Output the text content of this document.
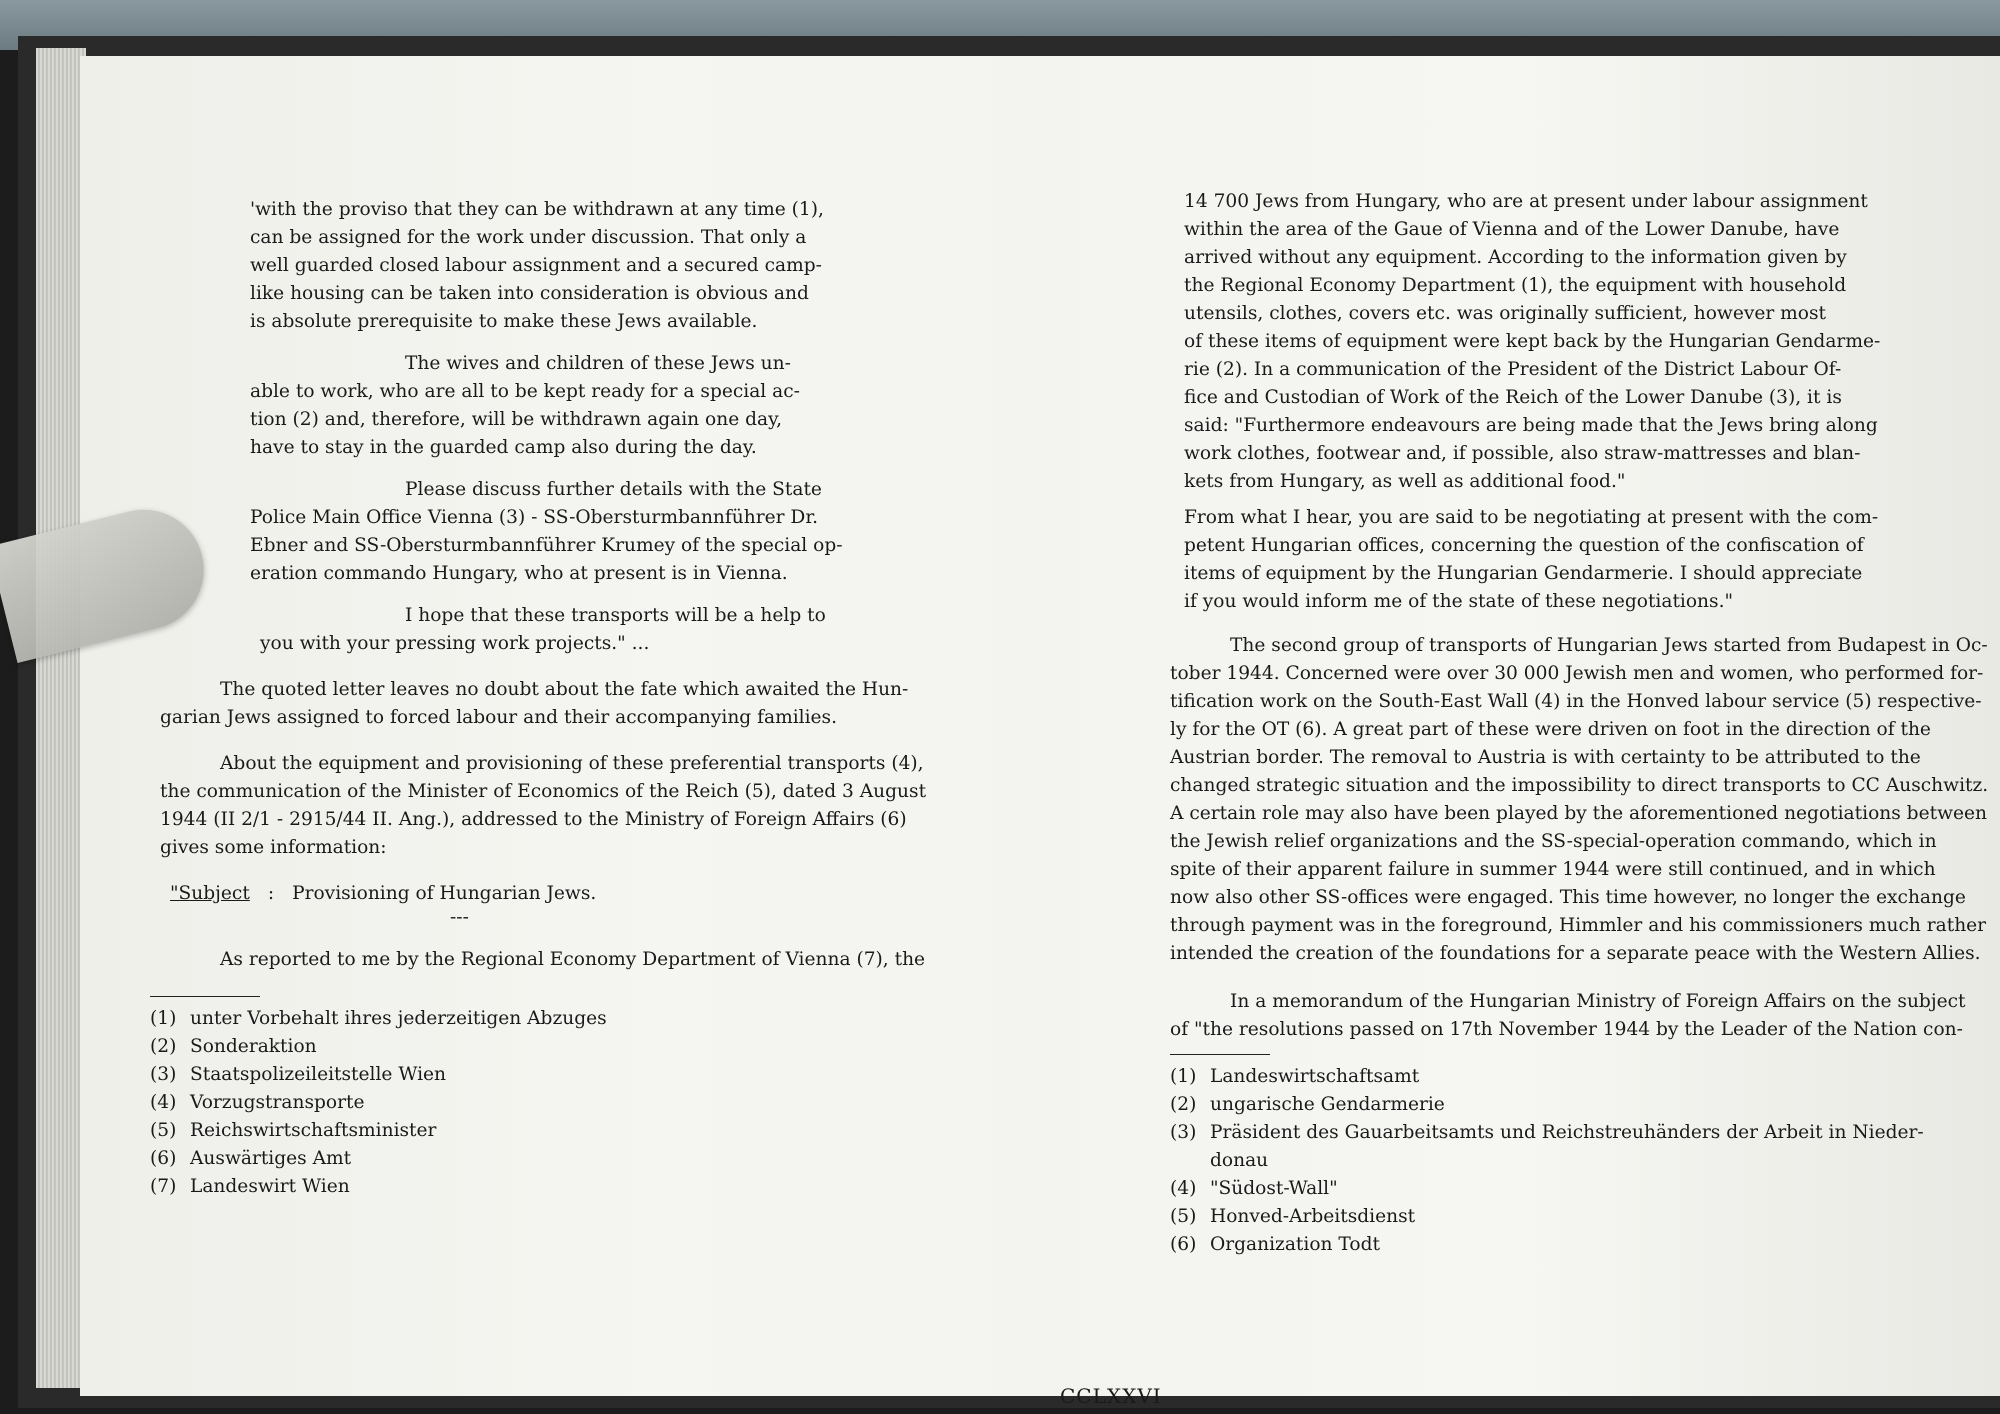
'with the proviso that they can be withdrawn at any time (1),

can be assigned for the work under discussion. That only a

well guarded closed labour assignment and a secured camp-

like housing can be taken into consideration is obvious and

is absolute prerequisite to make these Jews available.

The wives and children of these Jews un-

able to work, who are all to be kept ready for a special ac-

tion (2) and, therefore, will be withdrawn again one day,

have to stay in the guarded camp also during the day.

Please discuss further details with the State

Police Main Office Vienna (3) - SS-Obersturmbannführer Dr.

Ebner and SS-Obersturmbannführer Krumey of the special op-

eration commando Hungary, who at present is in Vienna.

I hope that these transports will be a help to

you with your pressing work projects." ...

The quoted letter leaves no doubt about the fate which awaited the Hun-

garian Jews assigned to forced labour and their accompanying families.

About the equipment and provisioning of these preferential transports (4),

the communication of the Minister of Economics of the Reich (5), dated 3 August

1944 (II 2/1 - 2915/44 II. Ang.), addressed to the Ministry of Foreign Affairs (6)

gives some information:

"Subject : Provisioning of Hungarian Jews.
---

As reported to me by the Regional Economy Department of Vienna (7), the

(1) unter Vorbehalt ihres jederzeitigen Abzuges
(2) Sonderaktion
(3) Staatspolizeileitstelle Wien
(4) Vorzugstransporte
(5) Reichswirtschaftsminister
(6) Auswärtiges Amt
(7) Landeswirt Wien

14 700 Jews from Hungary, who are at present under labour assignment

within the area of the Gaue of Vienna and of the Lower Danube, have

arrived without any equipment. According to the information given by

the Regional Economy Department (1), the equipment with household

utensils, clothes, covers etc. was originally sufficient, however most

of these items of equipment were kept back by the Hungarian Gendarme-

rie (2). In a communication of the President of the District Labour Of-

fice and Custodian of Work of the Reich of the Lower Danube (3), it is

said: "Furthermore endeavours are being made that the Jews bring along

work clothes, footwear and, if possible, also straw-mattresses and blan-

kets from Hungary, as well as additional food."

From what I hear, you are said to be negotiating at present with the com-

petent Hungarian offices, concerning the question of the confiscation of

items of equipment by the Hungarian Gendarmerie. I should appreciate

if you would inform me of the state of these negotiations."

The second group of transports of Hungarian Jews started from Budapest in Oc-

tober 1944. Concerned were over 30 000 Jewish men and women, who performed for-

tification work on the South-East Wall (4) in the Honved labour service (5) respective-

ly for the OT (6). A great part of these were driven on foot in the direction of the

Austrian border. The removal to Austria is with certainty to be attributed to the

changed strategic situation and the impossibility to direct transports to CC Auschwitz.

A certain role may also have been played by the aforementioned negotiations between

the Jewish relief organizations and the SS-special-operation commando, which in

spite of their apparent failure in summer 1944 were still continued, and in which

now also other SS-offices were engaged. This time however, no longer the exchange

through payment was in the foreground, Himmler and his commissioners much rather

intended the creation of the foundations for a separate peace with the Western Allies.

In a memorandum of the Hungarian Ministry of Foreign Affairs on the subject

of "the resolutions passed on 17th November 1944 by the Leader of the Nation con-

(1) Landeswirtschaftsamt
(2) ungarische Gendarmerie
(3) Präsident des Gauarbeitsamts und Reichstreuhänders der Arbeit in Nieder-
donau
(4) "Südost-Wall"
(5) Honved-Arbeitsdienst
(6) Organization Todt
CCLXXVI
